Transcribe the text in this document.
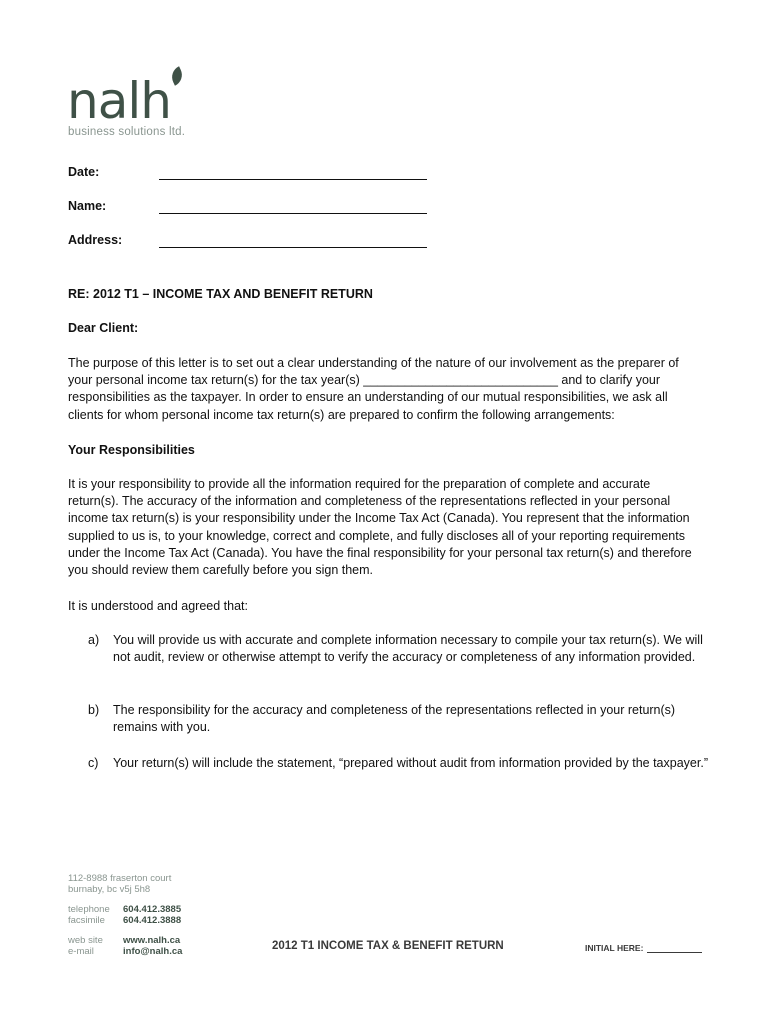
nalh
business solutions ltd.
Date:
Name:
Address:
RE: 2012 T1 – INCOME TAX AND BENEFIT RETURN
Dear Client:
The purpose of this letter is to set out a clear understanding of the nature of our involvement as the preparer of your personal income tax return(s) for the tax year(s) ____________________________ and to clarify your responsibilities as the taxpayer. In order to ensure an understanding of our mutual responsibilities, we ask all clients for whom personal income tax return(s) are prepared to confirm the following arrangements:
Your Responsibilities
It is your responsibility to provide all the information required for the preparation of complete and accurate return(s). The accuracy of the information and completeness of the representations reflected in your personal income tax return(s) is your responsibility under the Income Tax Act (Canada). You represent that the information supplied to us is, to your knowledge, correct and complete, and fully discloses all of your reporting requirements under the Income Tax Act (Canada). You have the final responsibility for your personal tax return(s) and therefore you should review them carefully before you sign them.
It is understood and agreed that:
a) You will provide us with accurate and complete information necessary to compile your tax return(s). We will not audit, review or otherwise attempt to verify the accuracy or completeness of any information provided.
b) The responsibility for the accuracy and completeness of the representations reflected in your return(s) remains with you.
c) Your return(s) will include the statement, “prepared without audit from information provided by the taxpayer.”
112-8988 fraserton court
burnaby, bc v5j 5h8
telephone 604.412.3885
facsimile 604.412.3888
web site www.nalh.ca
e-mail	info@nalh.ca	2012 T1 INCOME TAX & BENEFIT RETURN	INITIAL HERE:
